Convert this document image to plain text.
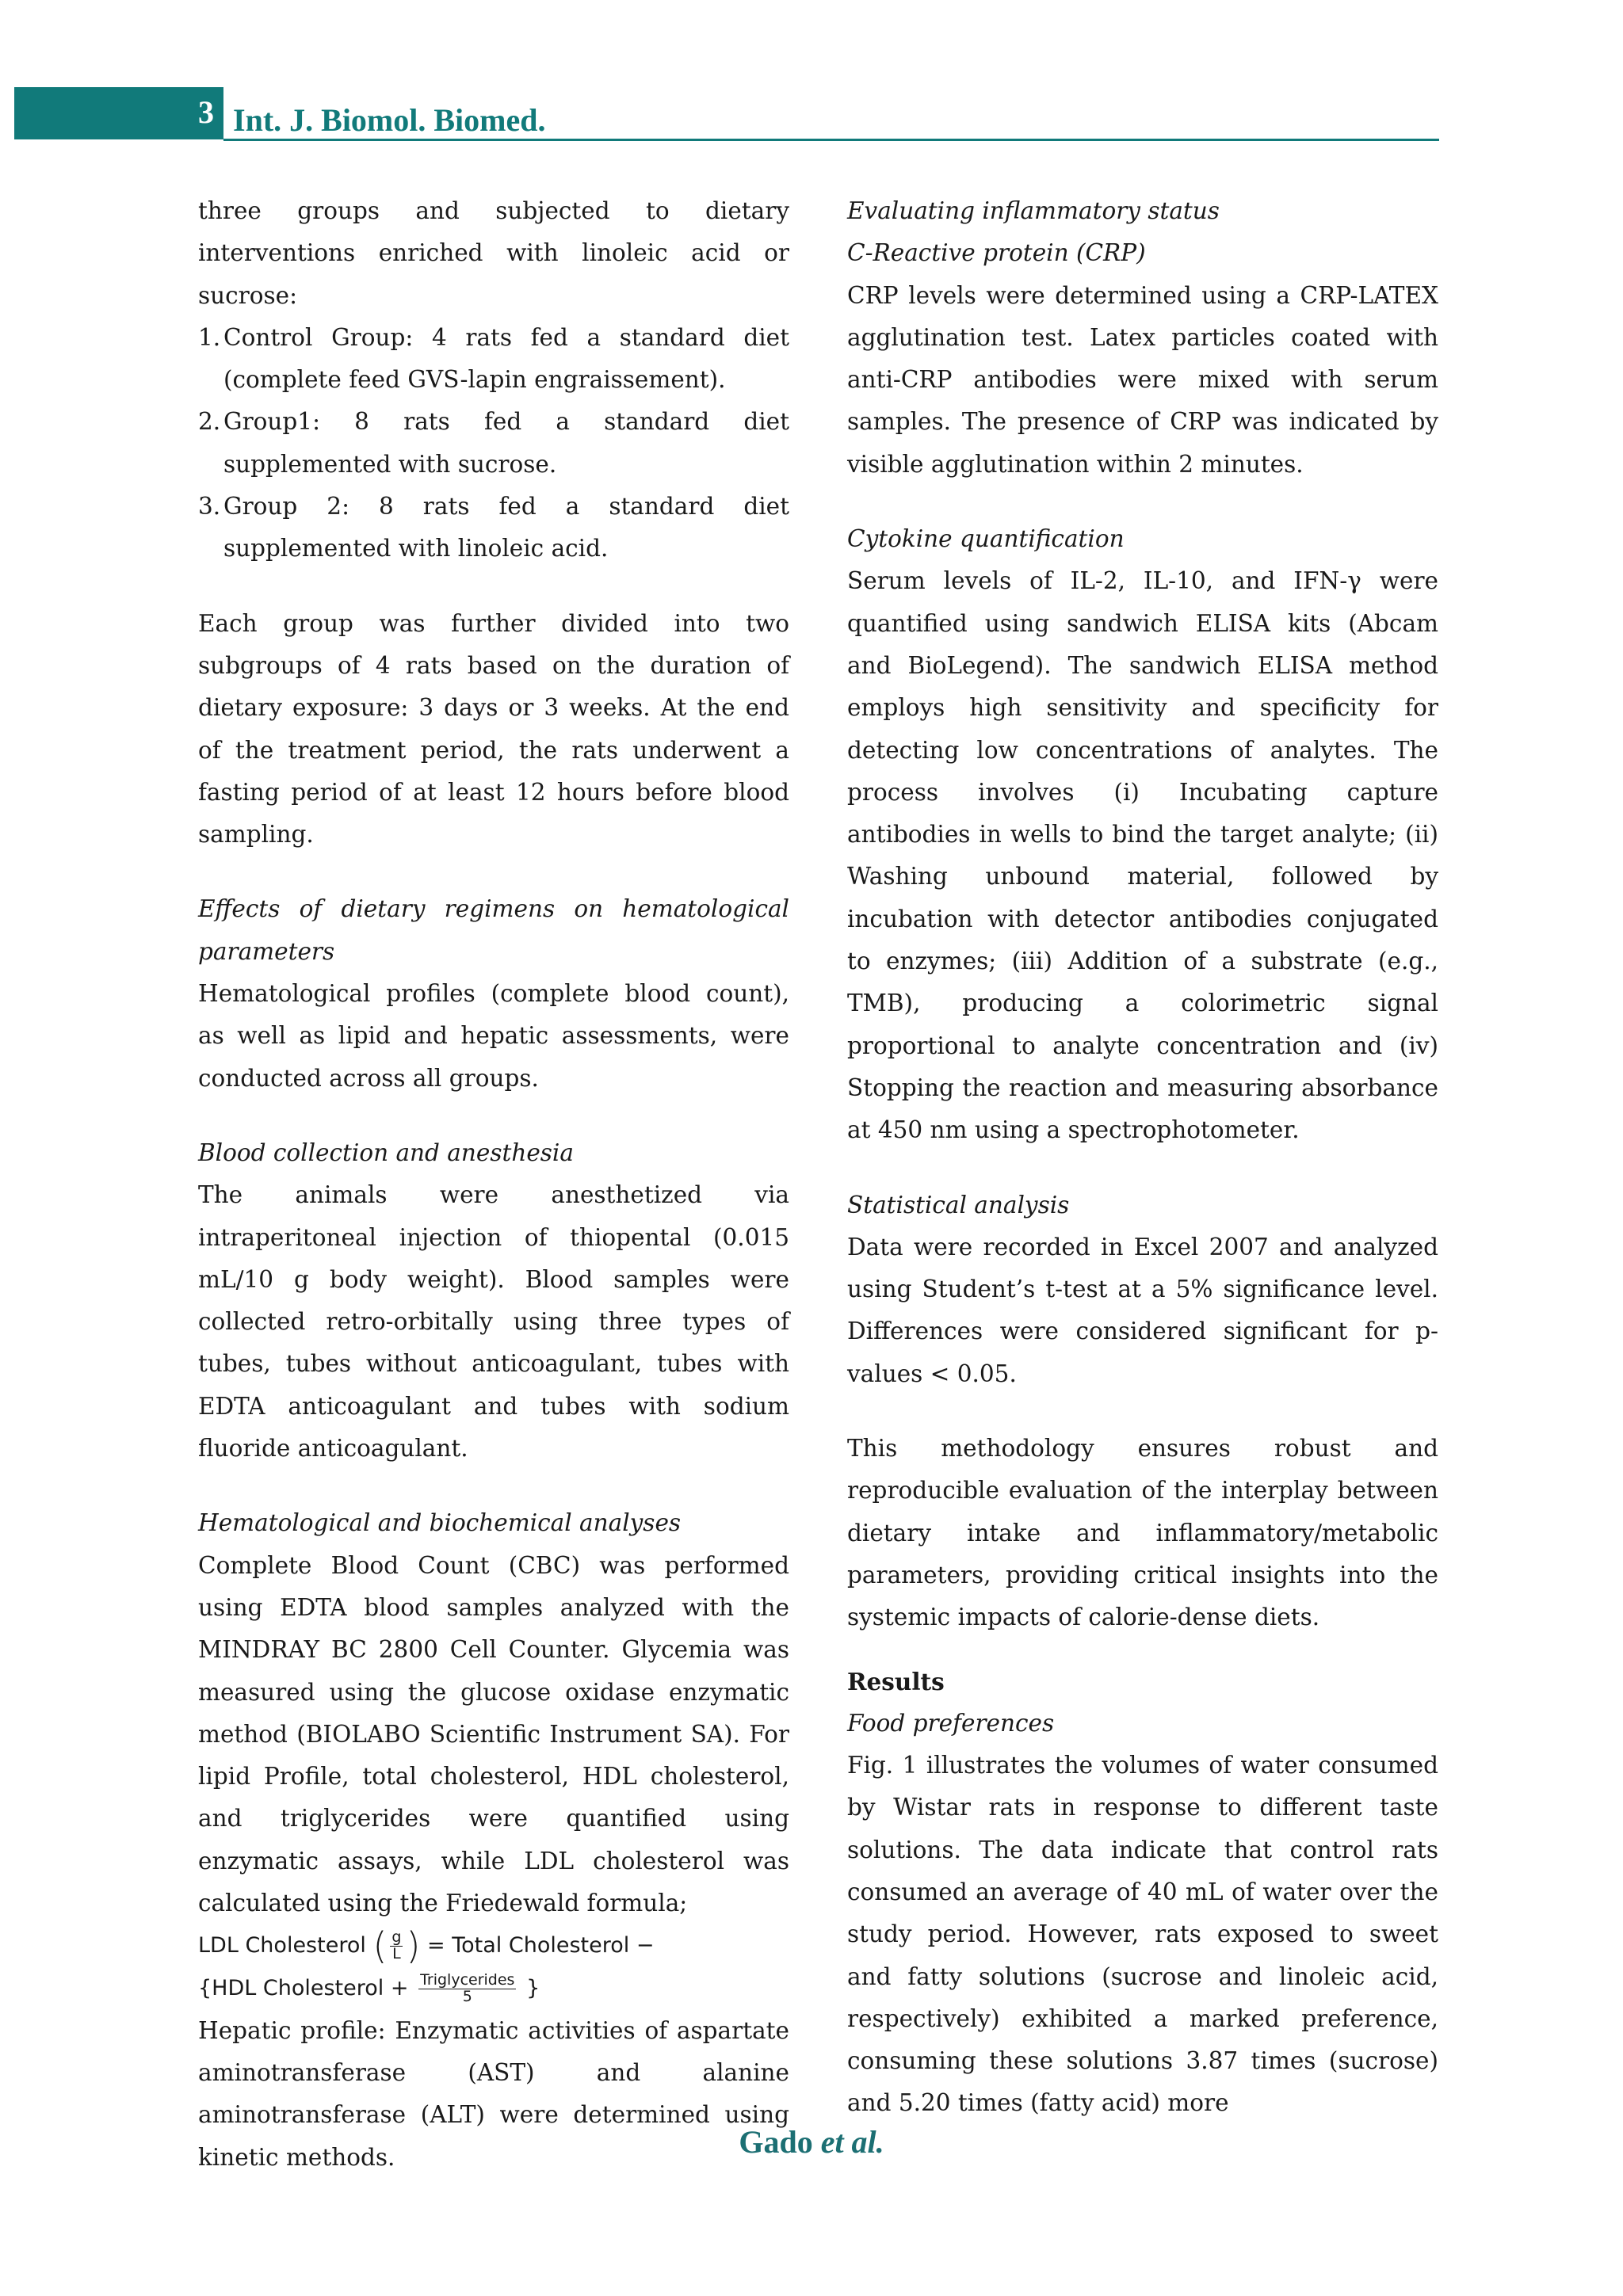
3 Int. J. Biomol. Biomed.

three groups and subjected to dietary interventions enriched with linoleic acid or sucrose:

1. Control Group: 4 rats fed a standard diet (complete feed GVS-lapin engraissement).
2. Group1: 8 rats fed a standard diet supplemented with sucrose.
3. Group 2: 8 rats fed a standard diet supplemented with linoleic acid.

Each group was further divided into two subgroups of 4 rats based on the duration of dietary exposure: 3 days or 3 weeks. At the end of the treatment period, the rats underwent a fasting period of at least 12 hours before blood sampling.

Effects of dietary regimens on hematological parameters

Hematological profiles (complete blood count), as well as lipid and hepatic assessments, were conducted across all groups.

Blood collection and anesthesia

The animals were anesthetized via intraperitoneal injection of thiopental (0.015 mL/10 g body weight). Blood samples were collected retro-orbitally using three types of tubes, tubes without anticoagulant, tubes with EDTA anticoagulant and tubes with sodium fluoride anticoagulant.

Hematological and biochemical analyses

Complete Blood Count (CBC) was performed using EDTA blood samples analyzed with the MINDRAY BC 2800 Cell Counter. Glycemia was measured using the glucose oxidase enzymatic method (BIOLABO Scientific Instrument SA). For lipid Profile, total cholesterol, HDL cholesterol, and triglycerides were quantified using enzymatic assays, while LDL cholesterol was calculated using the Friedewald formula;

LDL Cholesterol ( $\frac{g}{L}$ ) = Total Cholesterol −
{HDL Cholesterol + $\frac{\text{Triglycerides}}{5}$ }

Hepatic profile: Enzymatic activities of aspartate aminotransferase (AST) and alanine aminotransferase (ALT) were determined using kinetic methods.

Evaluating inflammatory status

C-Reactive protein (CRP)

CRP levels were determined using a CRP-LATEX agglutination test. Latex particles coated with anti-CRP antibodies were mixed with serum samples. The presence of CRP was indicated by visible agglutination within 2 minutes.

Cytokine quantification

Serum levels of IL-2, IL-10, and IFN-γ were quantified using sandwich ELISA kits (Abcam and BioLegend). The sandwich ELISA method employs high sensitivity and specificity for detecting low concentrations of analytes. The process involves (i) Incubating capture antibodies in wells to bind the target analyte; (ii) Washing unbound material, followed by incubation with detector antibodies conjugated to enzymes; (iii) Addition of a substrate (e.g., TMB), producing a colorimetric signal proportional to analyte concentration and (iv) Stopping the reaction and measuring absorbance at 450 nm using a spectrophotometer.

Statistical analysis

Data were recorded in Excel 2007 and analyzed using Student’s t-test at a 5% significance level. Differences were considered significant for p-values < 0.05.

This methodology ensures robust and reproducible evaluation of the interplay between dietary intake and inflammatory/metabolic parameters, providing critical insights into the systemic impacts of calorie-dense diets.

Results

Food preferences

Fig. 1 illustrates the volumes of water consumed by Wistar rats in response to different taste solutions. The data indicate that control rats consumed an average of 40 mL of water over the study period. However, rats exposed to sweet and fatty solutions (sucrose and linoleic acid, respectively) exhibited a marked preference, consuming these solutions 3.87 times (sucrose) and 5.20 times (fatty acid) more

Gado et al.
